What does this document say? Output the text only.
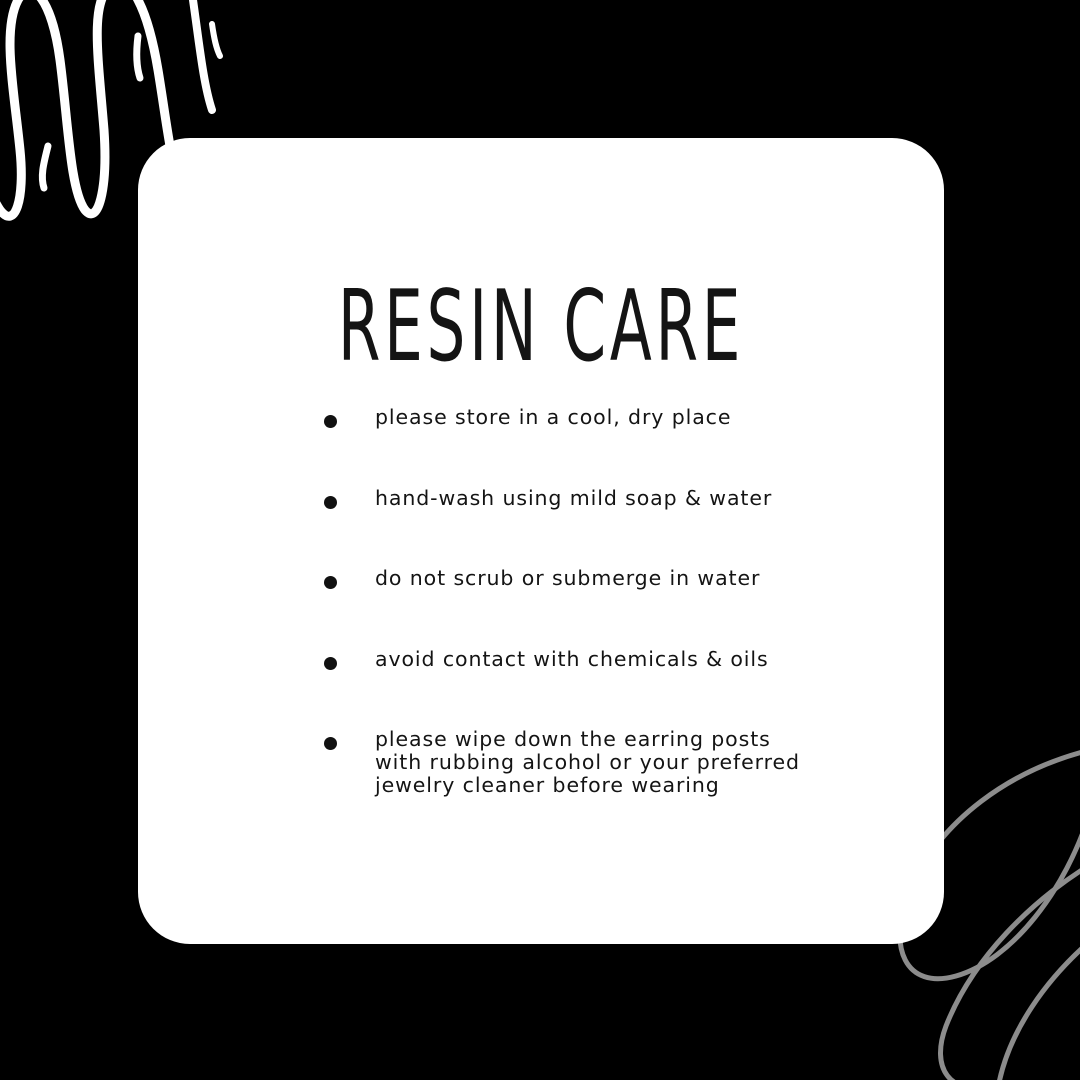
RESIN CARE
please store in a cool, dry place
hand-wash using mild soap & water
do not scrub or submerge in water
avoid contact with chemicals & oils
please wipe down the earring posts with rubbing alcohol or your preferred jewelry cleaner before wearing
